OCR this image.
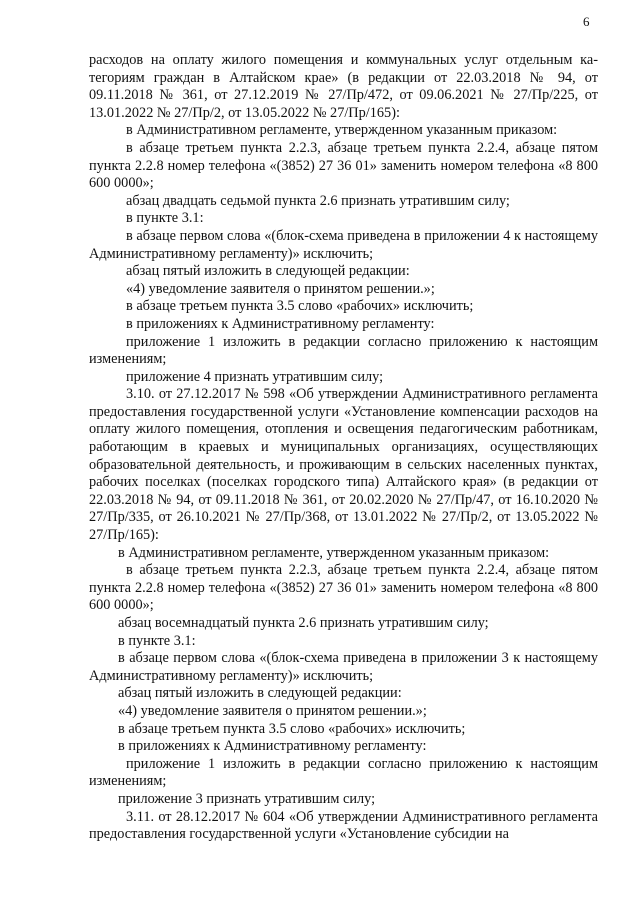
6

расходов на оплату жилого помещения и коммунальных услуг отдельным категориям граждан в Алтайском крае» (в редакции от 22.03.2018 № 94, от 09.11.2018 № 361, от 27.12.2019 № 27/Пр/472, от 09.06.2021 № 27/Пр/225, от 13.01.2022 № 27/Пр/2, от 13.05.2022 № 27/Пр/165):

в Административном регламенте, утвержденном указанным приказом:

в абзаце третьем пункта 2.2.3, абзаце третьем пункта 2.2.4, абзаце пятом пункта 2.2.8 номер телефона «(3852) 27 36 01» заменить номером телефона «8 800 600 0000»;

абзац двадцать седьмой пункта 2.6 признать утратившим силу;

в пункте 3.1:

в абзаце первом слова «(блок-схема приведена в приложении 4 к настоящему Административному регламенту)» исключить;

абзац пятый изложить в следующей редакции:

«4) уведомление заявителя о принятом решении.»;

в абзаце третьем пункта 3.5 слово «рабочих» исключить;

в приложениях к Административному регламенту:

приложение 1 изложить в редакции согласно приложению к настоящим изменениям;

приложение 4 признать утратившим силу;

3.10. от 27.12.2017 № 598 «Об утверждении Административного регламента предоставления государственной услуги «Установление компенсации расходов на оплату жилого помещения, отопления и освещения педагогическим работникам, работающим в краевых и муниципальных организациях, осуществляющих образовательной деятельность, и проживающим в сельских населенных пунктах, рабочих поселках (поселках городского типа) Алтайского края» (в редакции от 22.03.2018 № 94, от 09.11.2018 № 361, от 20.02.2020 № 27/Пр/47, от 16.10.2020 № 27/Пр/335, от 26.10.2021 № 27/Пр/368, от 13.01.2022 № 27/Пр/2, от 13.05.2022 № 27/Пр/165):

в Административном регламенте, утвержденном указанным приказом:

в абзаце третьем пункта 2.2.3, абзаце третьем пункта 2.2.4, абзаце пятом пункта 2.2.8 номер телефона «(3852) 27 36 01» заменить номером телефона «8 800 600 0000»;

абзац восемнадцатый пункта 2.6 признать утратившим силу;

в пункте 3.1:

в абзаце первом слова «(блок-схема приведена в приложении 3 к настоящему Административному регламенту)» исключить;

абзац пятый изложить в следующей редакции:

«4) уведомление заявителя о принятом решении.»;

в абзаце третьем пункта 3.5 слово «рабочих» исключить;

в приложениях к Административному регламенту:

приложение 1 изложить в редакции согласно приложению к настоящим изменениям;

приложение 3 признать утратившим силу;

3.11. от 28.12.2017 № 604 «Об утверждении Административного регламента предоставления государственной услуги «Установление субсидии на
